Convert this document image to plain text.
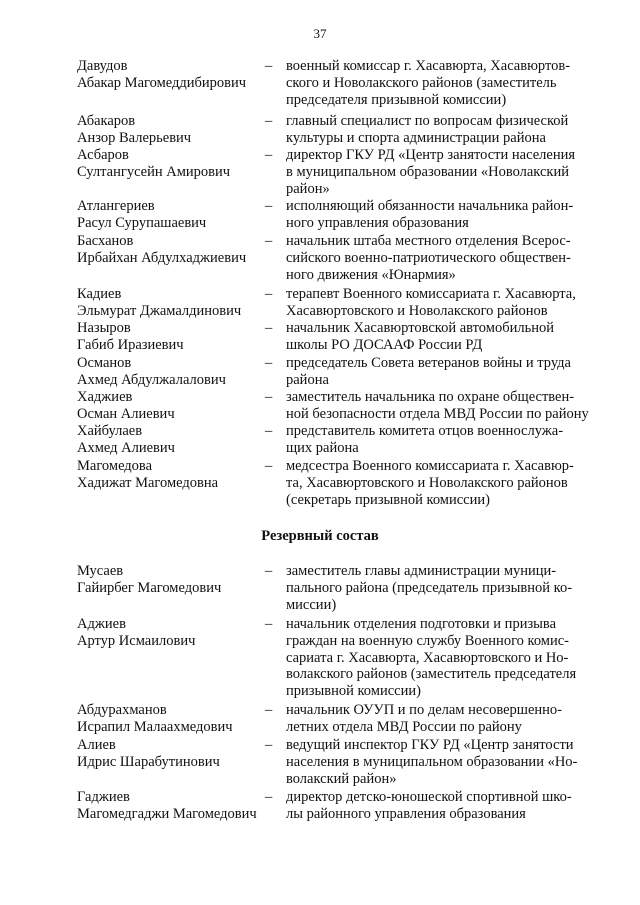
37
Давудов
Абакар Магомеддибирович
– военный комиссар г. Хасавюрта, Хасавюртов-
ского и Новолакского районов (заместитель
председателя призывной комиссии)
Абакаров
Анзор Валерьевич
– главный специалист по вопросам физической
культуры и спорта администрации района
Асбаров
Султангусейн Амирович
– директор ГКУ РД «Центр занятости населения
в муниципальном образовании «Новолакский
район»
Атлангериев
Расул Сурупашаевич
– исполняющий обязанности начальника район-
ного управления образования
Басханов
Ирбайхан Абдулхаджиевич
– начальник штаба местного отделения Всерос-
сийского военно-патриотического обществен-
ного движения «Юнармия»
Кадиев
Эльмурат Джамалдинович
– терапевт Военного комиссариата г. Хасавюрта,
Хасавюртовского и Новолакского районов
Назыров
Габиб Иразиевич
– начальник Хасавюртовской автомобильной
школы РО ДОСААФ России РД
Османов
Ахмед Абдулжалалович
– председатель Совета ветеранов войны и труда
района
Хаджиев
Осман Алиевич
– заместитель начальника по охране обществен-
ной безопасности отдела МВД России по району
Хайбулаев
Ахмед Алиевич
– представитель комитета отцов военнослужа-
щих района
Магомедова
Хадижат Магомедовна
– медсестра Военного комиссариата г. Хасавюр-
та, Хасавюртовского и Новолакского районов
(секретарь призывной комиссии)
Резервный состав
Мусаев
Гайирбег Магомедович
– заместитель главы администрации муници-
пального района (председатель призывной ко-
миссии)
Аджиев
Артур Исмаилович
– начальник отделения подготовки и призыва
граждан на военную службу Военного комис-
сариата г. Хасавюрта, Хасавюртовского и Но-
волакского районов (заместитель председателя
призывной комиссии)
Абдурахманов
Исрапил Малаахмедович
– начальник ОУУП и по делам несовершенно-
летних отдела МВД России по району
Алиев
Идрис Шарабутинович
– ведущий инспектор ГКУ РД «Центр занятости
населения в муниципальном образовании «Но-
волакский район»
Гаджиев
Магомедгаджи Магомедович
– директор детско-юношеской спортивной шко-
лы районного управления образования
